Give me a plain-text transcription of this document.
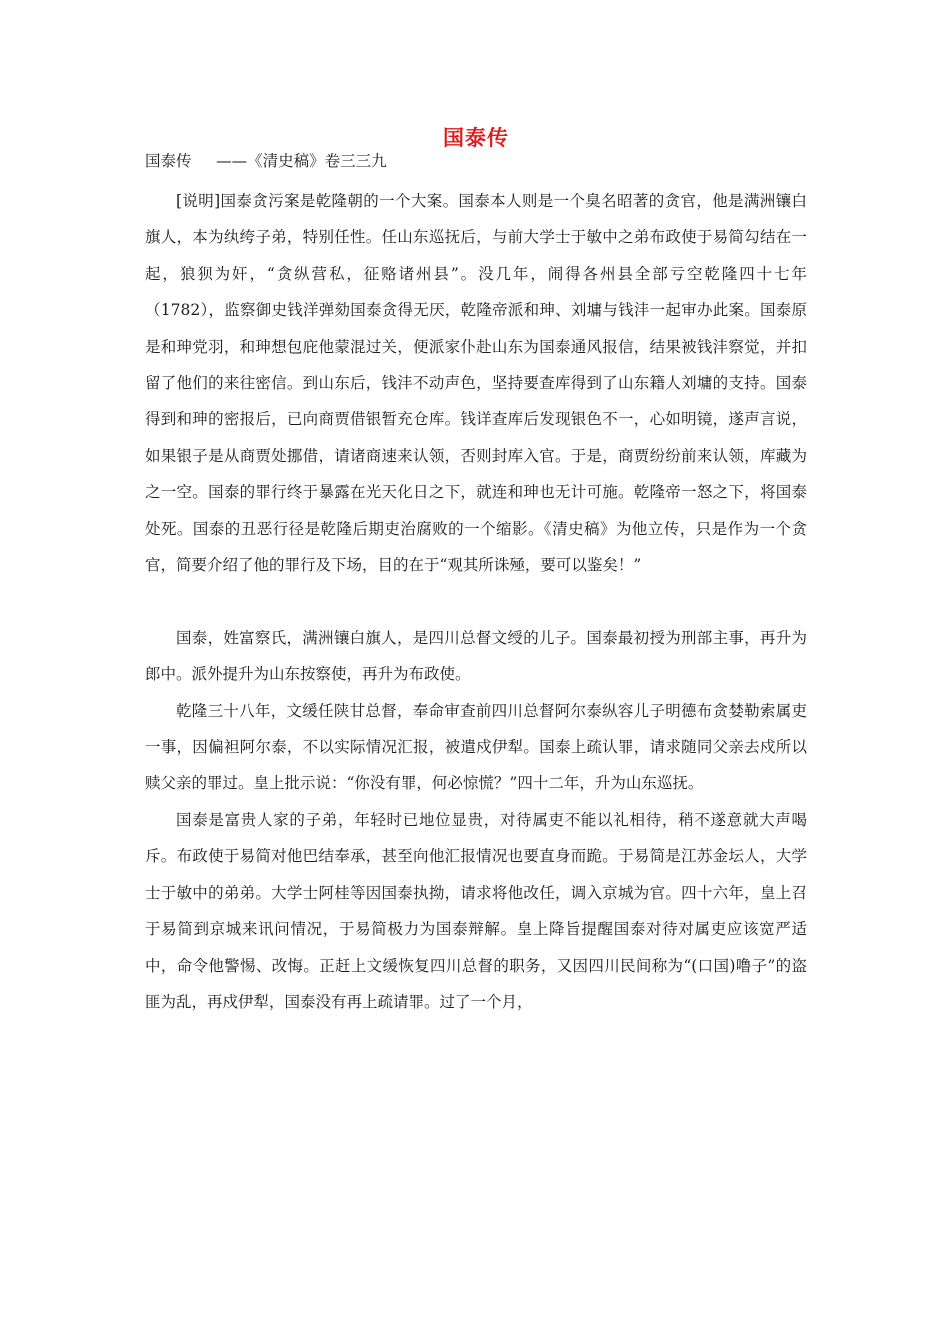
国泰传
国泰传     ——《清史稿》卷三三九

[说明]国泰贪污案是乾隆朝的一个大案。国泰本人则是一个臭名昭著的贪官，他是满洲镶白旗人，本为纨绔子弟，特别任性。任山东巡抚后，与前大学士于敏中之弟布政使于易简勾结在一起，狼狈为奸，“贪纵营私，征赂诸州县”。没几年，闹得各州县全部亏空乾隆四十七年（1782），监察御史钱洋弹劾国泰贪得无厌，乾隆帝派和珅、刘墉与钱沣一起审办此案。国泰原是和珅党羽，和珅想包庇他蒙混过关，便派家仆赴山东为国泰通风报信，结果被钱沣察觉，并扣留了他们的来往密信。到山东后，钱沣不动声色，坚持要查库得到了山东籍人刘墉的支持。国泰得到和珅的密报后，已向商贾借银暂充仓库。钱详查库后发现银色不一，心如明镜，遂声言说，如果银子是从商贾处挪借，请诸商速来认领，否则封库入官。于是，商贾纷纷前来认领，库藏为之一空。国泰的罪行终于暴露在光天化日之下，就连和珅也无计可施。乾隆帝一怒之下，将国泰处死。国泰的丑恶行径是乾隆后期吏治腐败的一个缩影。《清史稿》为他立传，只是作为一个贪官，简要介绍了他的罪行及下场，目的在于“观其所诛殛，要可以鉴矣！”

国泰，姓富察氏，满洲镶白旗人，是四川总督文绶的儿子。国泰最初授为刑部主事，再升为郎中。派外提升为山东按察使，再升为布政使。

乾隆三十八年，文缓任陕甘总督，奉命审查前四川总督阿尔泰纵容儿子明德布贪婪勒索属吏一事，因偏袒阿尔泰，不以实际情况汇报，被遣戍伊犁。国泰上疏认罪，请求随同父亲去戍所以赎父亲的罪过。皇上批示说：“你没有罪，何必惊慌？”四十二年，升为山东巡抚。

国泰是富贵人家的子弟，年轻时已地位显贵，对待属吏不能以礼相待，稍不遂意就大声喝斥。布政使于易简对他巴结奉承，甚至向他汇报情况也要直身而跪。于易简是江苏金坛人，大学士于敏中的弟弟。大学士阿桂等因国泰执拗，请求将他改任，调入京城为官。四十六年，皇上召于易简到京城来讯问情况，于易简极力为国泰辩解。皇上降旨提醒国泰对待对属吏应该宽严适中，命令他警惕、改悔。正赶上文缓恢复四川总督的职务，又因四川民间称为“(口国)噜子”的盗匪为乱，再戍伊犁，国泰没有再上疏请罪。过了一个月，
